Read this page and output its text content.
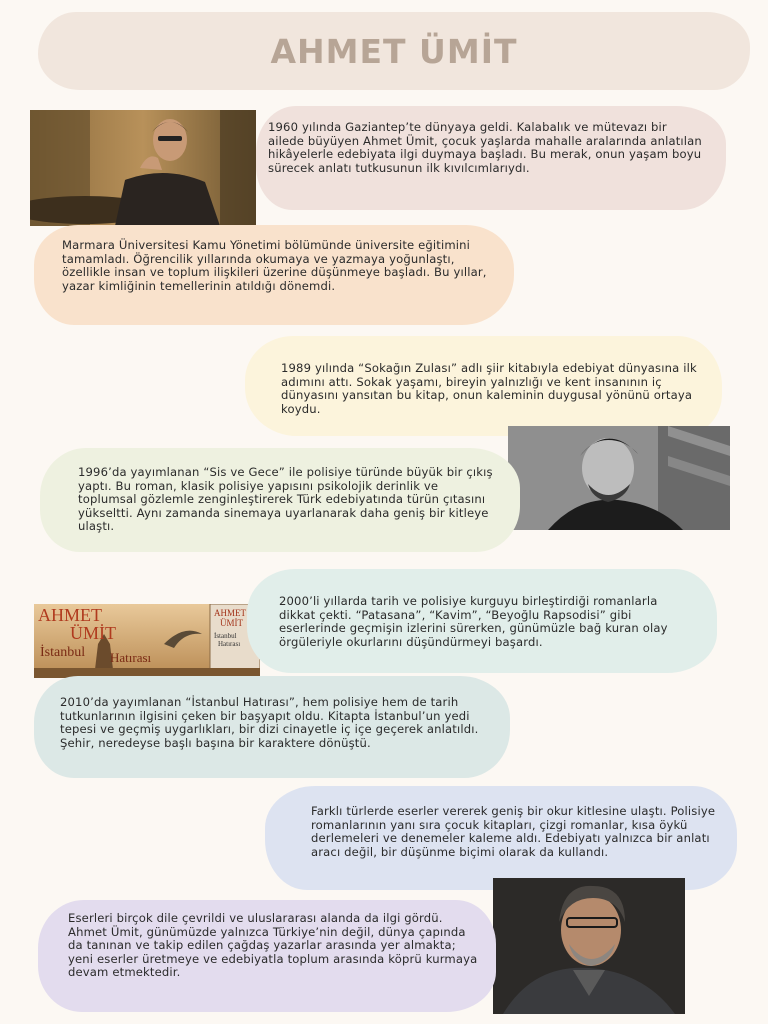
AHMET ÜMİT
1960 yılında Gaziantep’te dünyaya geldi. Kalabalık ve mütevazı bir ailede büyüyen Ahmet Ümit, çocuk yaşlarda mahalle aralarında anlatılan hikâyelerle edebiyata ilgi duymaya başladı. Bu merak, onun yaşam boyu sürecek anlatı tutkusunun ilk kıvılcımlarıydı.
Marmara Üniversitesi Kamu Yönetimi bölümünde üniversite eğitimini tamamladı. Öğrencilik yıllarında okumaya ve yazmaya yoğunlaştı, özellikle insan ve toplum ilişkileri üzerine düşünmeye başladı. Bu yıllar, yazar kimliğinin temellerinin atıldığı dönemdi.
1989 yılında “Sokağın Zulası” adlı şiir kitabıyla edebiyat dünyasına ilk adımını attı. Sokak yaşamı, bireyin yalnızlığı ve kent insanının iç dünyasını yansıtan bu kitap, onun kaleminin duygusal yönünü ortaya koydu.
1996’da yayımlanan “Sis ve Gece” ile polisiye türünde büyük bir çıkış yaptı. Bu roman, klasik polisiye yapısını psikolojik derinlik ve toplumsal gözlemle zenginleştirerek Türk edebiyatında türün çıtasını yükseltti. Aynı zamanda sinemaya uyarlanarak daha geniş bir kitleye ulaştı.
AHMET
ÜMİT
İstanbul Hatırası
AHMET
ÜMİT
İstanbul
Hatırası
2000’li yıllarda tarih ve polisiye kurguyu birleştirdiği romanlarla dikkat çekti. “Patasana”, “Kavim”, “Beyoğlu Rapsodisi” gibi eserlerinde geçmişin izlerini sürerken, günümüzle bağ kuran olay örgüleriyle okurlarını düşündürmeyi başardı.
2010’da yayımlanan “İstanbul Hatırası”, hem polisiye hem de tarih tutkunlarının ilgisini çeken bir başyapıt oldu. Kitapta İstanbul’un yedi tepesi ve geçmiş uygarlıkları, bir dizi cinayetle iç içe geçerek anlatıldı. Şehir, neredeyse başlı başına bir karaktere dönüştü.
Farklı türlerde eserler vererek geniş bir okur kitlesine ulaştı. Polisiye romanlarının yanı sıra çocuk kitapları, çizgi romanlar, kısa öykü derlemeleri ve denemeler kaleme aldı. Edebiyatı yalnızca bir anlatı aracı değil, bir düşünme biçimi olarak da kullandı.
Eserleri birçok dile çevrildi ve uluslararası alanda da ilgi gördü. Ahmet Ümit, günümüzde yalnızca Türkiye’nin değil, dünya çapında da tanınan ve takip edilen çağdaş yazarlar arasında yer almakta; yeni eserler üretmeye ve edebiyatla toplum arasında köprü kurmaya devam etmektedir.
